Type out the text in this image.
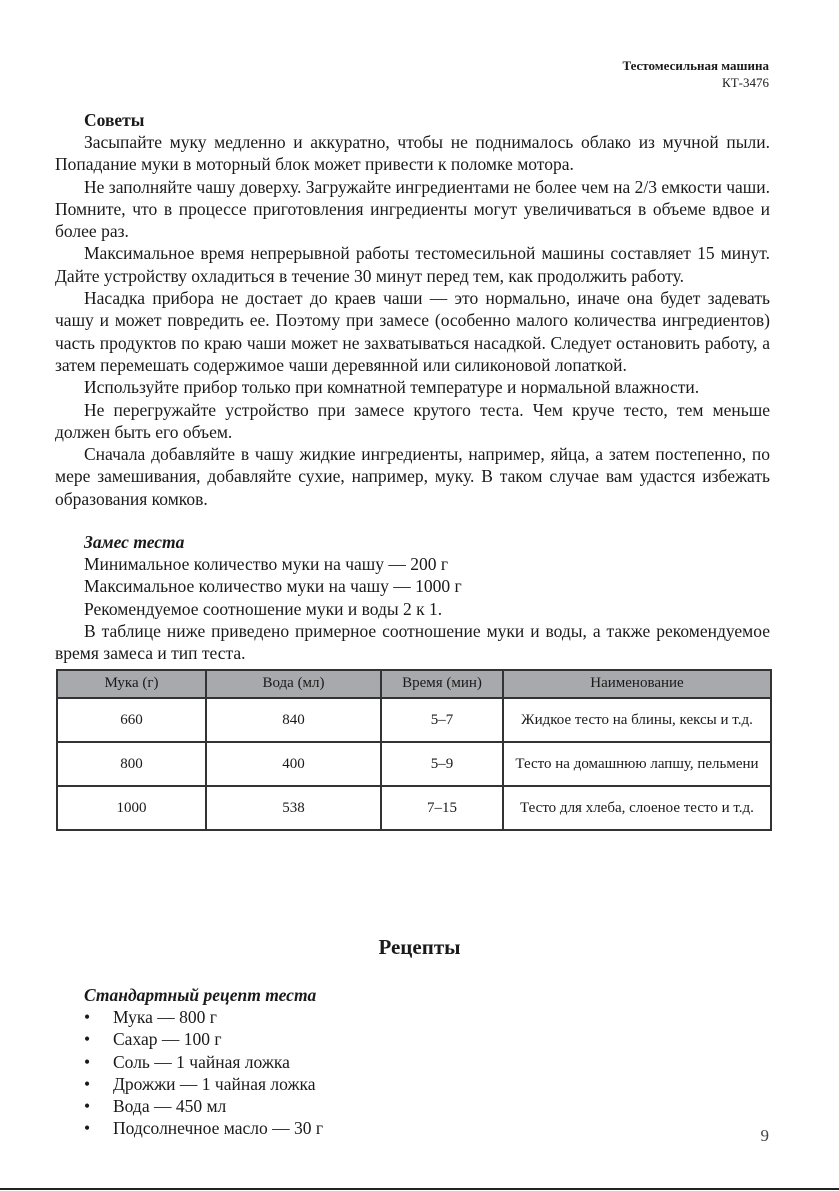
Тестомесильная машина
КТ-3476
Советы

Засыпайте муку медленно и аккуратно, чтобы не поднималось облако из мучной пыли. Попадание муки в моторный блок может привести к поломке мотора.

Не заполняйте чашу доверху. Загружайте ингредиентами не более чем на 2/3 емкости чаши. Помните, что в процессе приготовления ингредиенты могут увеличиваться в объеме вдвое и более раз.

Максимальное время непрерывной работы тестомесильной машины составляет 15 минут. Дайте устройству охладиться в течение 30 минут перед тем, как продолжить работу.

Насадка прибора не достает до краев чаши — это нормально, иначе она будет задевать чашу и может повредить ее. Поэтому при замесе (особенно малого количества ингредиентов) часть продуктов по краю чаши может не захватываться насадкой. Следует остановить работу, а затем перемешать содержимое чаши деревянной или силиконовой лопаткой.

Используйте прибор только при комнатной температуре и нормальной влажности.

Не перегружайте устройство при замесе крутого теста. Чем круче тесто, тем меньше должен быть его объем.

Сначала добавляйте в чашу жидкие ингредиенты, например, яйца, а затем постепенно, по мере замешивания, добавляйте сухие, например, муку. В таком случае вам удастся избежать образования комков.

Замес теста

Минимальное количество муки на чашу — 200 г

Максимальное количество муки на чашу — 1000 г

Рекомендуемое соотношение муки и воды 2 к 1.

В таблице ниже приведено примерное соотношение муки и воды, а также рекомендуемое время замеса и тип теста.

Мука (г)	Вода (мл)	Время (мин)	Наименование
660	840	5–7	Жидкое тесто на блины, кексы и т.д.
800	400	5–9	Тесто на домашнюю лапшу, пельмени
1000	538	7–15	Тесто для хлеба, слоеное тесто и т.д.
Рецепты
Стандартный рецепт теста
• Мука — 800 г
• Сахар — 100 г
• Соль — 1 чайная ложка
• Дрожжи — 1 чайная ложка
• Вода — 450 мл
• Подсолнечное масло — 30 г	9
